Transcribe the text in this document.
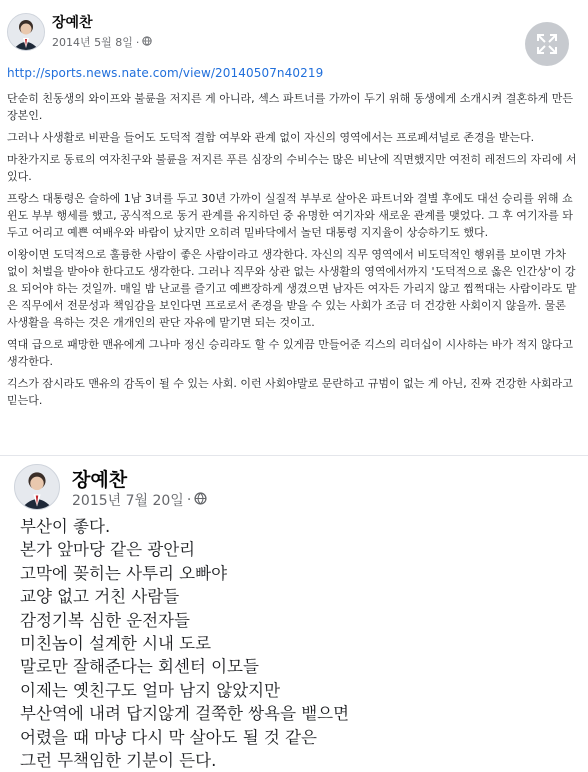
장예찬
2014년 5월 8일 ·
http://sports.news.nate.com/view/20140507n40219

단순히 친동생의 와이프와 불륜을 저지른 게 아니라, 섹스 파트너를 가까이 두기 위해 동생에게 소개시켜 결혼하게 만든 장본인.

그러나 사생활로 비판을 들어도 도덕적 결함 여부와 관계 없이 자신의 영역에서는 프로페셔널로 존경을 받는다.

마찬가지로 동료의 여자친구와 불륜을 저지른 푸른 심장의 수비수는 많은 비난에 직면했지만 여전히 레전드의 자리에 서있다.

프랑스 대통령은 슬하에 1남 3녀를 두고 30년 가까이 실질적 부부로 살아온 파트너와 결별 후에도 대선 승리를 위해 쇼윈도 부부 행세를 했고, 공식적으로 동거 관계를 유지하던 중 유명한 여기자와 새로운 관계를 맺었다. 그 후 여기자를 돠두고 어리고 예쁜 여배우와 바람이 났지만 오히려 밑바닥에서 놀던 대통령 지지율이 상승하기도 했다.

이왕이면 도덕적으로 훌륭한 사람이 좋은 사람이라고 생각한다. 자신의 직무 영역에서 비도덕적인 행위를 보이면 가차 없이 처벌을 받아야 한다고도 생각한다. 그러나 직무와 상관 없는 사생활의 영역에서까지 '도덕적으로 옳은 인간상'이 강요 되어야 하는 것일까. 매일 밤 난교를 즐기고 예쁘장하게 생겼으면 남자든 여자든 가리지 않고 찝쩍대는 사람이라도 맡은 직무에서 전문성과 책임감을 보인다면 프로로서 존경을 받을 수 있는 사회가 조금 더 건강한 사회이지 않을까. 물론 사생활을 욕하는 것은 개개인의 판단 자유에 맡기면 되는 것이고.

역대 급으로 패망한 맨유에게 그나마 정신 승리라도 할 수 있게끔 만들어준 긱스의 리더십이 시사하는 바가 적지 않다고 생각한다.

긱스가 잠시라도 맨유의 감독이 될 수 있는 사회. 이런 사회야말로 문란하고 규범이 없는 게 아닌, 진짜 건강한 사회라고 믿는다.

장예찬
2015년 7월 20일 ·
부산이 좋다.
본가 앞마당 같은 광안리
고막에 꽂히는 사투리 오빠야
교양 없고 거친 사람들
감정기복 심한 운전자들
미친놈이 설계한 시내 도로
말로만 잘해준다는 회센터 이모들
이제는 옛친구도 얼마 남지 않았지만
부산역에 내려 답지않게 걸쭉한 쌍욕을 뱉으면
어렸을 때 마냥 다시 막 살아도 될 것 같은
그런 무책임한 기분이 든다.
